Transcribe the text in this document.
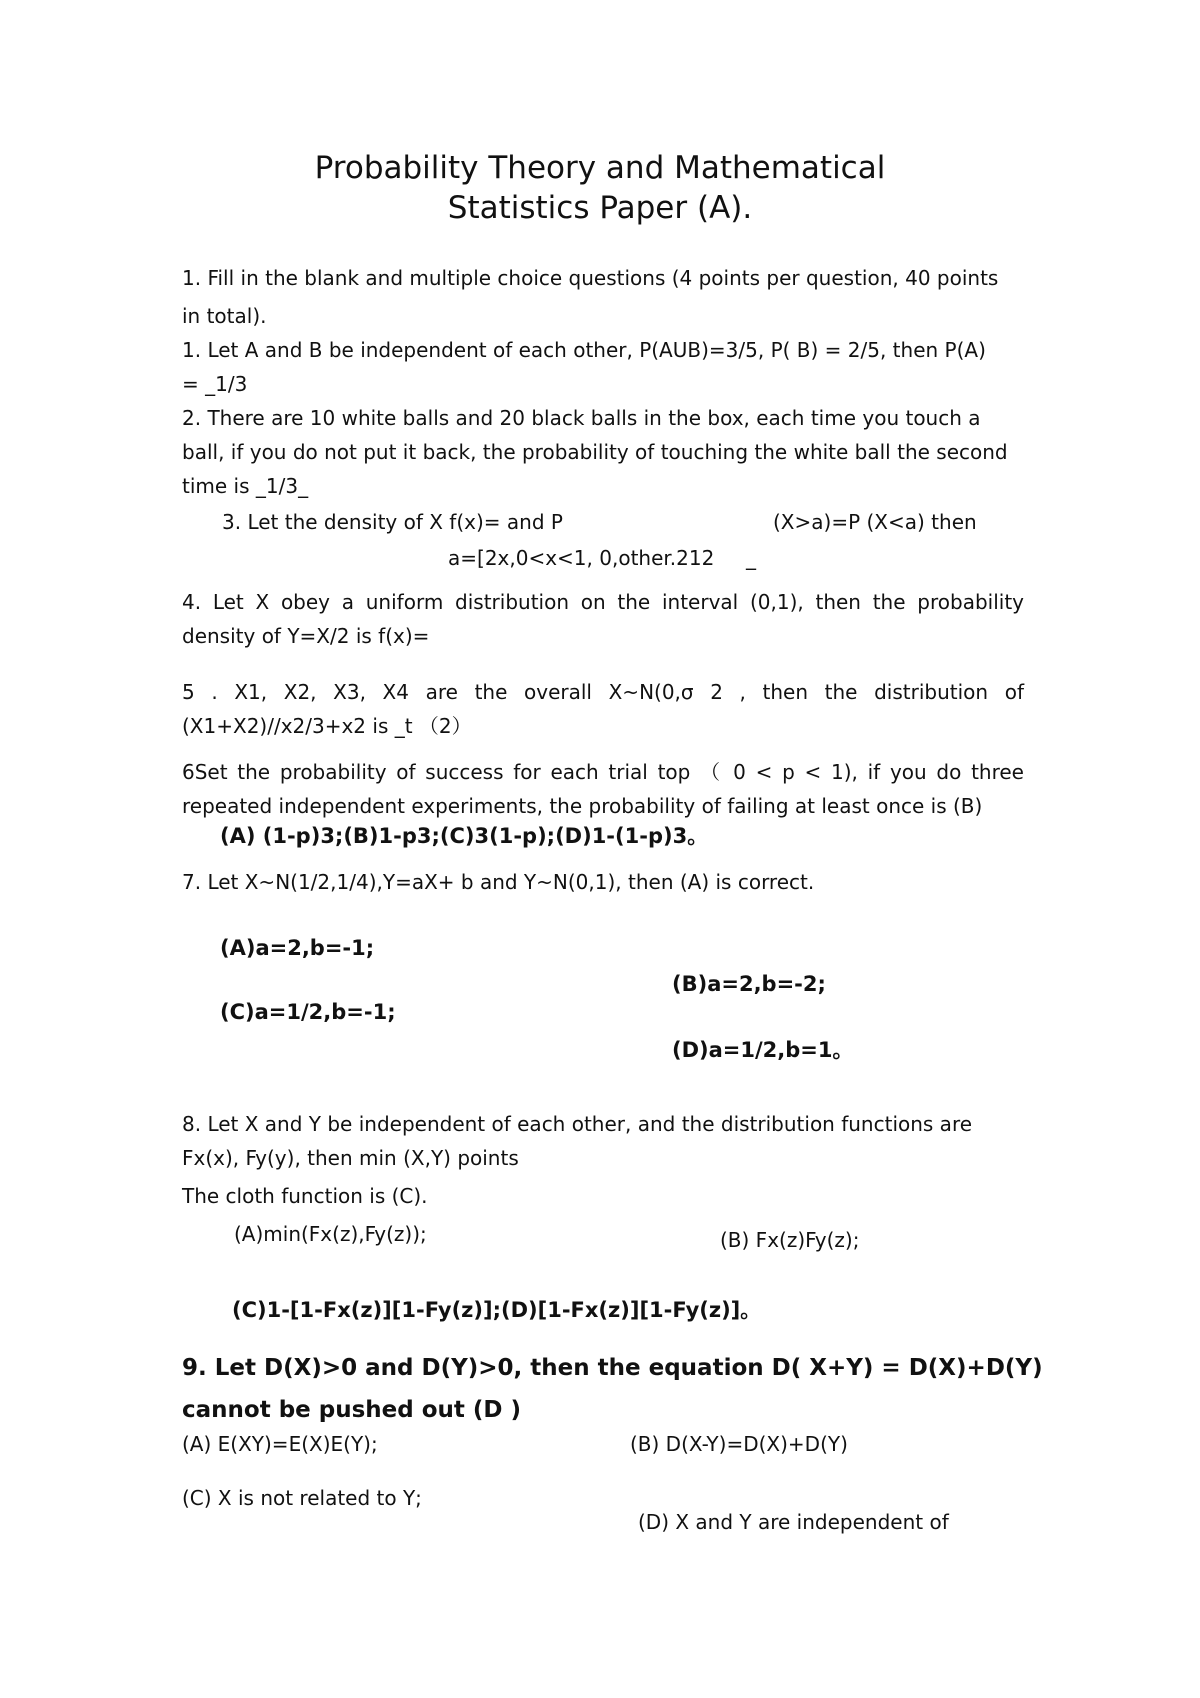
Probability Theory and Mathematical
Statistics Paper (A).
1. Fill in the blank and multiple choice questions (4 points per question, 40 points
in total).
1. Let A and B be independent of each other, P(AUB)=3/5, P( B) = 2/5, then P(A)
= _1/3
2. There are 10 white balls and 20 black balls in the box, each time you touch a
ball, if you do not put it back, the probability of touching the white ball the second
time is _1/3_
3. Let the density of X f(x)= and P	(X>a)=P (X<a) then
a=[2x,0<x<1, 0,other.212 _
4. Let X obey a uniform distribution on the interval (0,1), then the probability
density of Y=X/2 is f(x)=
5 . X1, X2, X3, X4 are the overall X~N(0,σ 2 , then the distribution of
(X1+X2)//x2/3+x2 is _t （2）
6Set the probability of success for each trial top （ 0 < p < 1), if you do three
repeated independent experiments, the probability of failing at least once is (B)
(A) (1-p)3;(B)1-p3;(C)3(1-p);(D)1-(1-p)3。
7. Let X~N(1/2,1/4),Y=aX+ b and Y~N(0,1), then (A) is correct.
(A)a=2,b=-1;
(B)a=2,b=-2;
(C)a=1/2,b=-1;
(D)a=1/2,b=1。
8. Let X and Y be independent of each other, and the distribution functions are
Fx(x), Fy(y), then min (X,Y) points
The cloth function is (C).
(A)min(Fx(z),Fy(z));	(B) Fx(z)Fy(z);
(C)1-[1-Fx(z)][1-Fy(z)];(D)[1-Fx(z)][1-Fy(z)]。
9. Let D(X)>0 and D(Y)>0, then the equation D( X+Y) = D(X)+D(Y)
cannot be pushed out (D )
(A) E(XY)=E(X)E(Y);	(B) D(X-Y)=D(X)+D(Y)
(C) X is not related to Y;
(D) X and Y are independent of
